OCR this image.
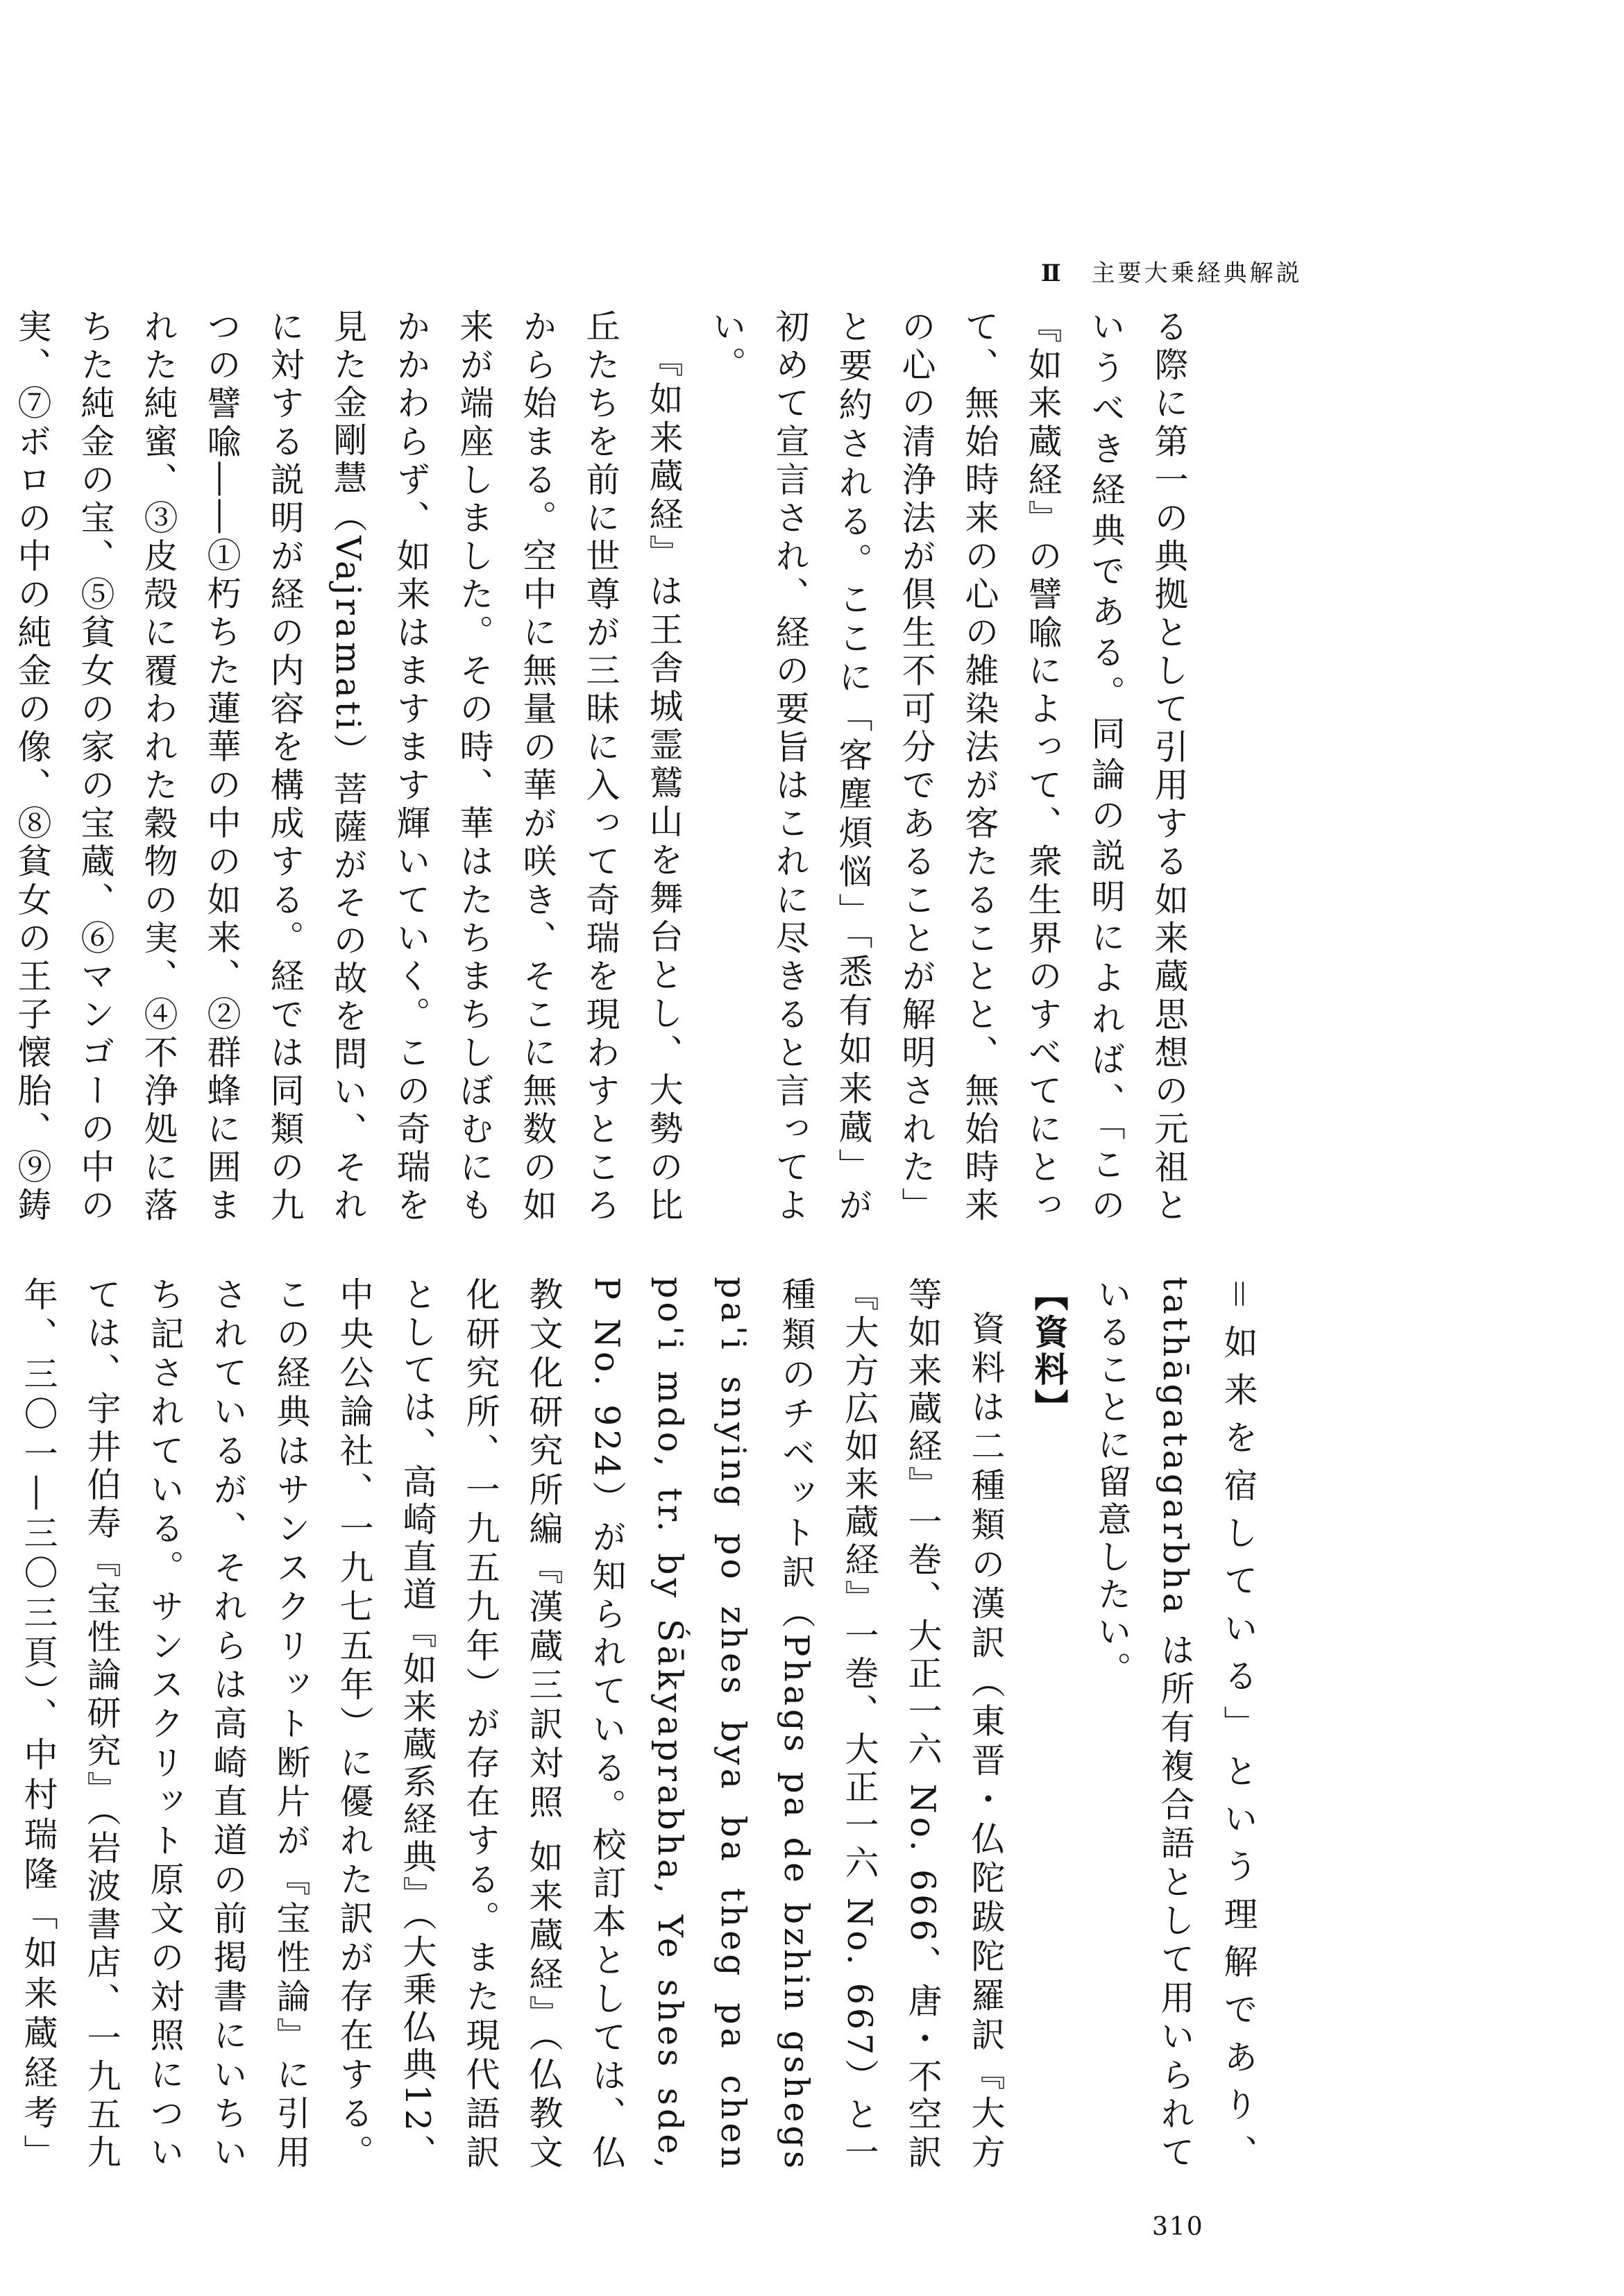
Ⅱ 主要大乗経典解説

る際に第一の典拠として引用する如来蔵思想の元祖というべき経典である。同論の説明によれば、「この『如来蔵経』の譬喩によって、衆生界のすべてにとって、無始時来の心の雑染法が客たることと、無始時来の心の清浄法が倶生不可分であることが解明された」と要約される。ここに「客塵煩悩」「悉有如来蔵」が初めて宣言され、経の要旨はこれに尽きると言ってよい。

『如来蔵経』は王舎城霊鷲山を舞台とし、大勢の比丘たちを前に世尊が三昧に入って奇瑞を現わすところから始まる。空中に無量の華が咲き、そこに無数の如来が端座しました。その時、華はたちまちしぼむにもかかわらず、如来はますます輝いていく。この奇瑞を見た金剛慧（Vajramati）菩薩がその故を問い、それに対する説明が経の内容を構成する。経では同類の九つの譬喩――①朽ちた蓮華の中の如来、②群蜂に囲まれた純蜜、③皮殻に覆われた穀物の実、④不浄処に落ちた純金の宝、⑤貧女の家の宝蔵、⑥マンゴーの中の実、⑦ボロの中の純金の像、⑧貧女の王子懐胎、⑨鋳

＝如来を宿している」という理解であり、tathāgatagarbha は所有複合語として用いられていることに留意したい。

【資料】

資料は二種類の漢訳（東晋・仏陀跋陀羅訳『大方等如来蔵経』一巻、大正一六 No. 666、唐・不空訳『大方広如来蔵経』一巻、大正一六 No. 667）と一種類のチベット訳（Phags pa de bzhin gshegs pa'i snying po zhes bya ba theg pa chen po'i mdo, tr. by Śākyaprabha, Ye shes sde, P No. 924）が知られている。校訂本としては、仏教文化研究所編『漢蔵三訳対照 如来蔵経』（仏教文化研究所、一九五九年）が存在する。また現代語訳としては、高崎直道『如来蔵系経典』（大乗仏典12、中央公論社、一九七五年）に優れた訳が存在する。この経典はサンスクリット断片が『宝性論』に引用されているが、それらは高崎直道の前掲書にいちいち記されている。サンスクリット原文の対照については、宇井伯寿『宝性論研究』（岩波書店、一九五九年、三〇一―三〇三頁）、中村瑞隆「如来蔵経考」

310
